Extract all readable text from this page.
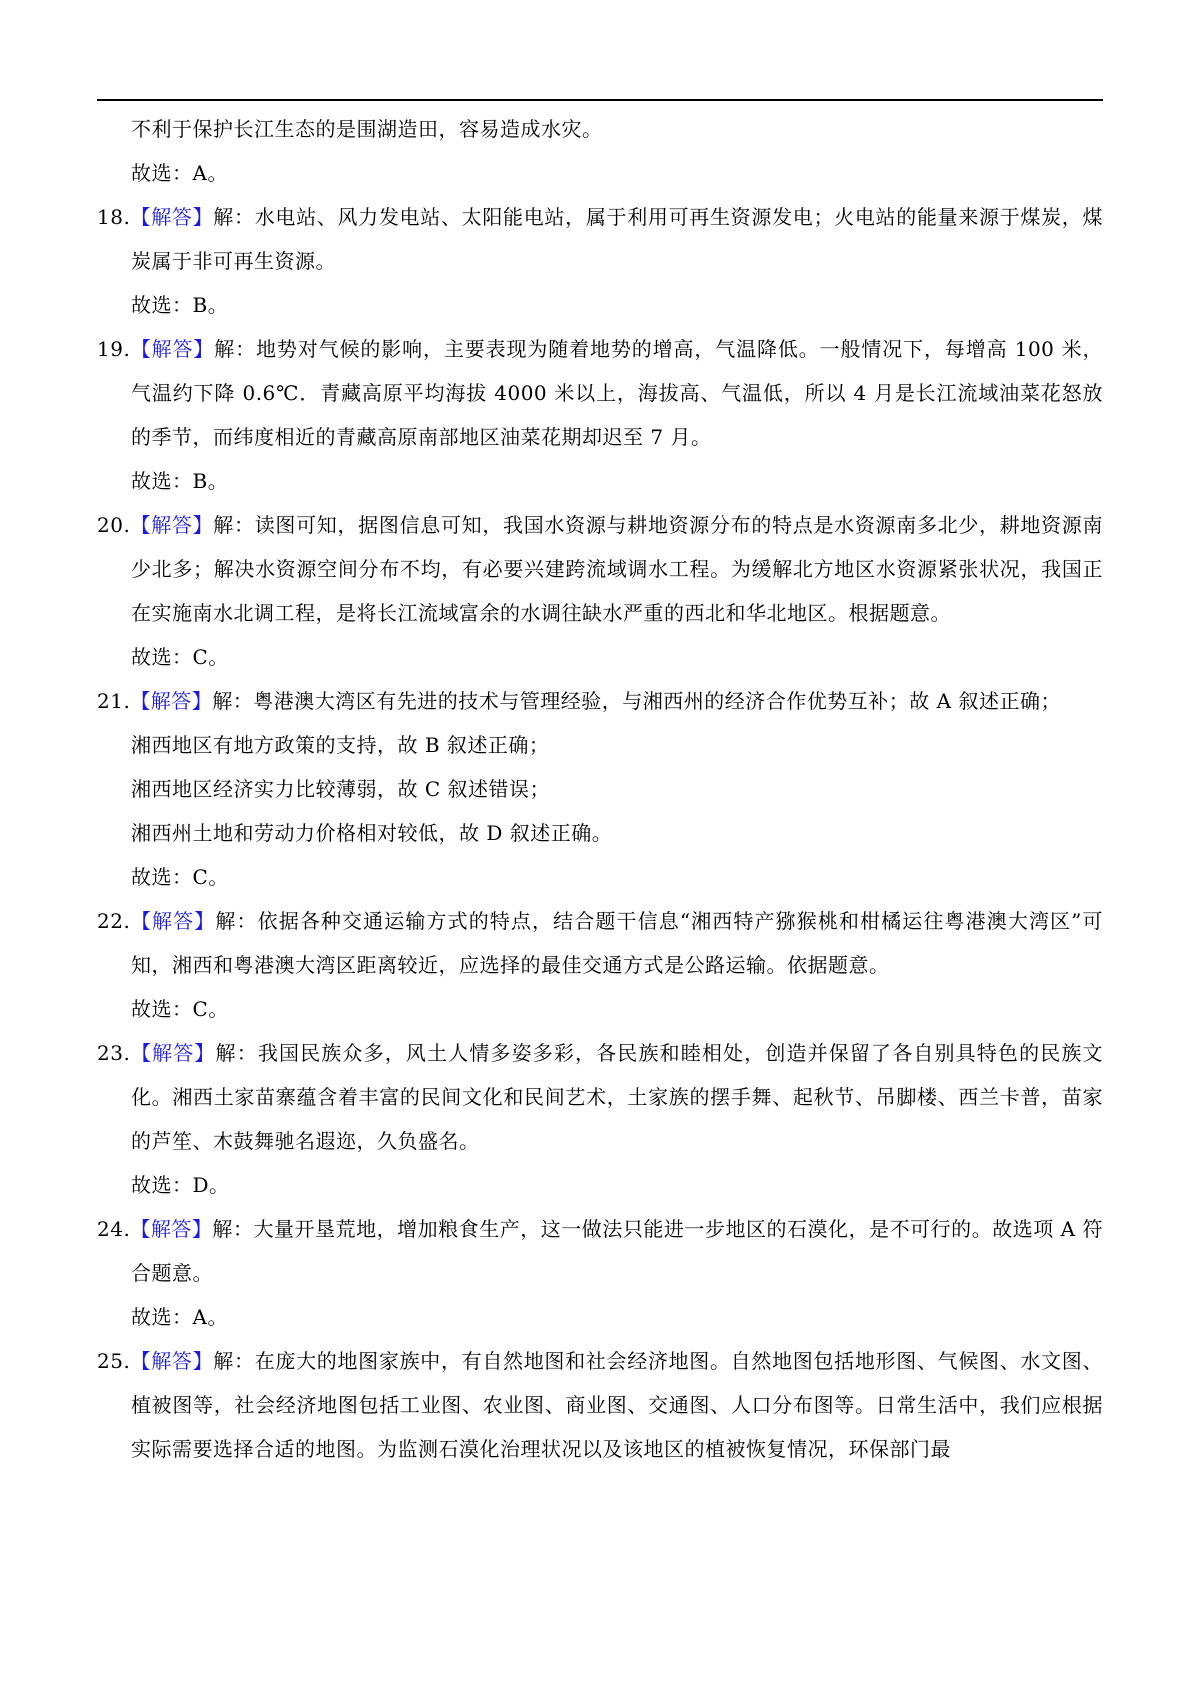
不利于保护长江生态的是围湖造田，容易造成水灾。

故选：A。

18.【解答】解：水电站、风力发电站、太阳能电站，属于利用可再生资源发电；火电站的能量来源于煤炭，煤炭属于非可再生资源。

故选：B。

19.【解答】解：地势对气候的影响，主要表现为随着地势的增高，气温降低。一般情况下，每增高 100 米，气温约下降 0.6℃．青藏高原平均海拔 4000 米以上，海拔高、气温低，所以 4 月是长江流域油菜花怒放的季节，而纬度相近的青藏高原南部地区油菜花期却迟至 7 月。

故选：B。

20.【解答】解：读图可知，据图信息可知，我国水资源与耕地资源分布的特点是水资源南多北少，耕地资源南少北多；解决水资源空间分布不均，有必要兴建跨流域调水工程。为缓解北方地区水资源紧张状况，我国正在实施南水北调工程，是将长江流域富余的水调往缺水严重的西北和华北地区。根据题意。

故选：C。

21.【解答】解：粤港澳大湾区有先进的技术与管理经验，与湘西州的经济合作优势互补；故 A 叙述正确；

湘西地区有地方政策的支持，故 B 叙述正确；

湘西地区经济实力比较薄弱，故 C 叙述错误；

湘西州土地和劳动力价格相对较低，故 D 叙述正确。

故选：C。

22.【解答】解：依据各种交通运输方式的特点，结合题干信息“湘西特产猕猴桃和柑橘运往粤港澳大湾区”可知，湘西和粤港澳大湾区距离较近，应选择的最佳交通方式是公路运输。依据题意。

故选：C。

23.【解答】解：我国民族众多，风土人情多姿多彩，各民族和睦相处，创造并保留了各自别具特色的民族文化。湘西土家苗寨蕴含着丰富的民间文化和民间艺术，土家族的摆手舞、起秋节、吊脚楼、西兰卡普，苗家的芦笙、木鼓舞驰名遐迩，久负盛名。

故选：D。

24.【解答】解：大量开垦荒地，增加粮食生产，这一做法只能进一步地区的石漠化，是不可行的。故选项 A 符合题意。

故选：A。

25.【解答】解：在庞大的地图家族中，有自然地图和社会经济地图。自然地图包括地形图、气候图、水文图、植被图等，社会经济地图包括工业图、农业图、商业图、交通图、人口分布图等。日常生活中，我们应根据实际需要选择合适的地图。为监测石漠化治理状况以及该地区的植被恢复情况，环保部门最
